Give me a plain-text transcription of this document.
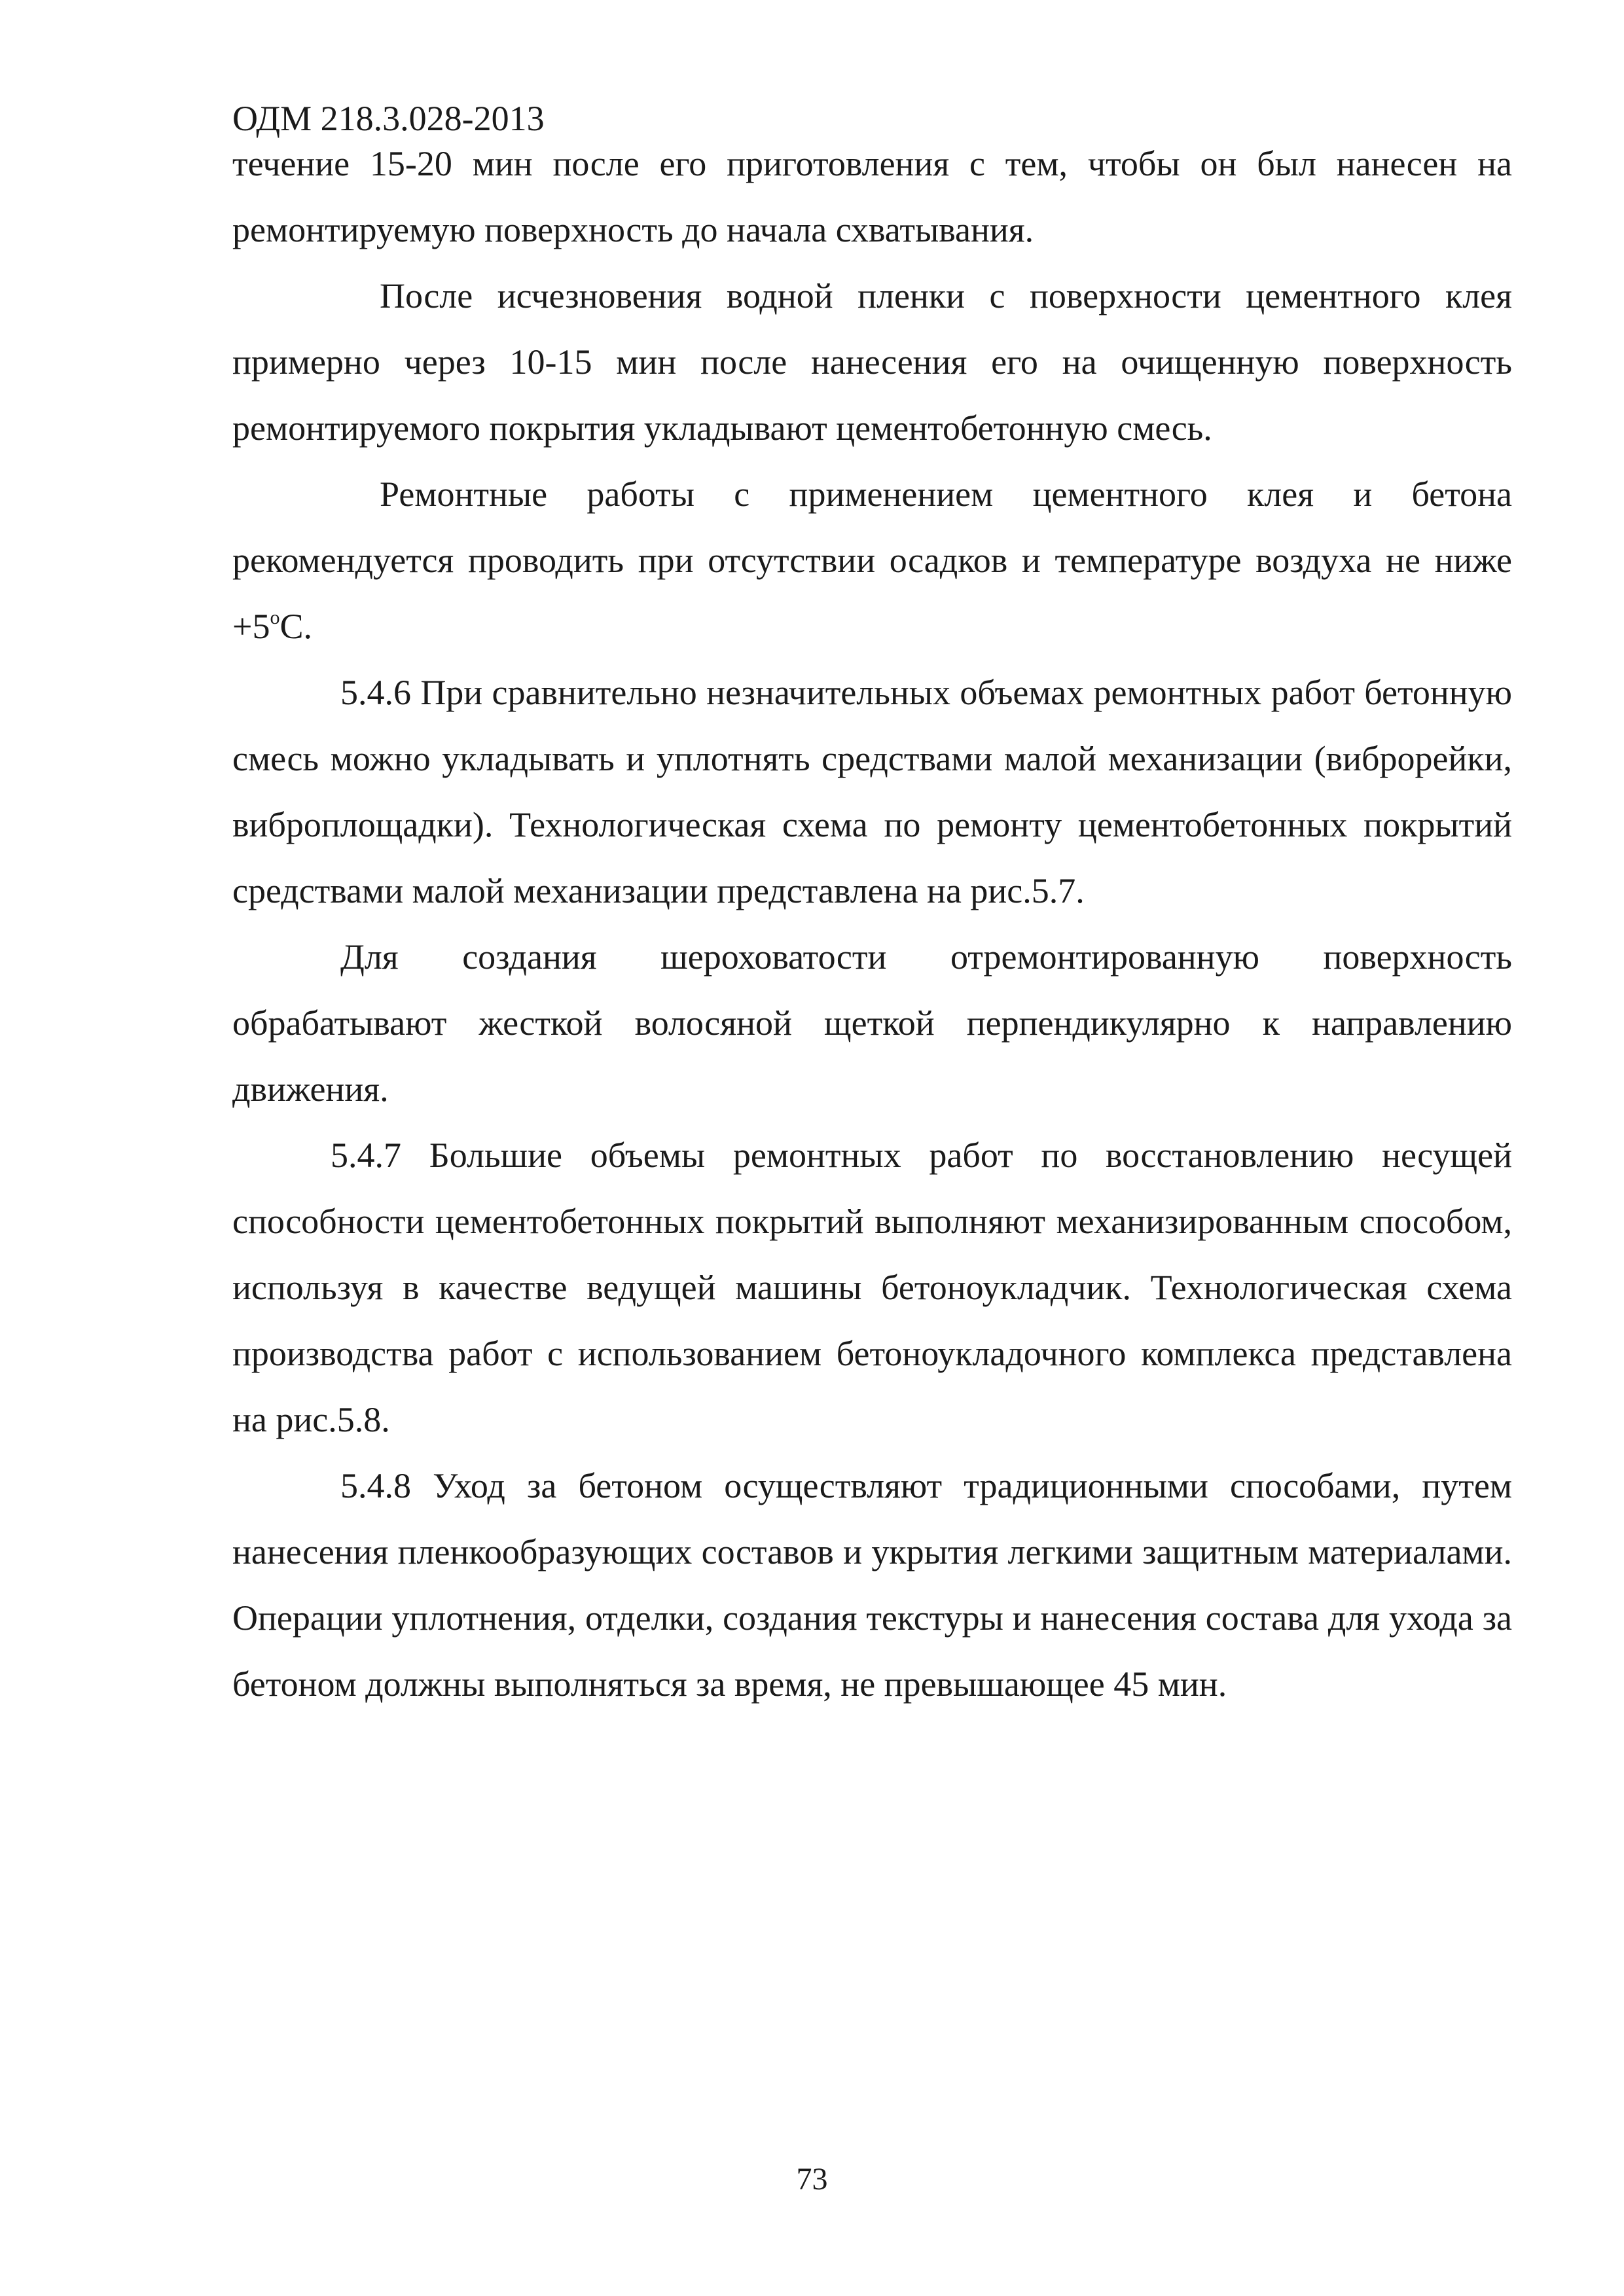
ОДМ 218.3.028-2013

течение 15-20 мин после его приготовления с тем, чтобы он был нанесен на ремонтируемую поверхность до начала схватывания.

После исчезновения водной пленки с поверхности цементного клея примерно через 10-15 мин после нанесения его на очищенную поверхность ремонтируемого покрытия укладывают цементобетонную смесь.

Ремонтные работы с применением цементного клея и бетона рекомендуется проводить при отсутствии осадков и температуре воздуха не ниже $+5^оС$.

5.4.6 При сравнительно незначительных объемах ремонтных работ бетонную смесь можно укладывать и уплотнять средствами малой механизации (виброрейки, виброплощадки). Технологическая схема по ремонту цементобетонных покрытий средствами малой механизации представлена на рис.5.7.

Для создания шероховатости отремонтированную поверхность обрабатывают жесткой волосяной щеткой перпендикулярно к направлению движения.

5.4.7 Большие объемы ремонтных работ по восстановлению несущей способности цементобетонных покрытий выполняют механизированным способом, используя в качестве ведущей машины бетоноукладчик. Технологическая схема производства работ с использованием бетоноукладочного комплекса представлена на рис.5.8.

5.4.8 Уход за бетоном осуществляют традиционными способами, путем нанесения пленкообразующих составов и укрытия легкими защитным материалами. Операции уплотнения, отделки, создания текстуры и нанесения состава для ухода за бетоном должны выполняться за время, не превышающее 45 мин.

73
